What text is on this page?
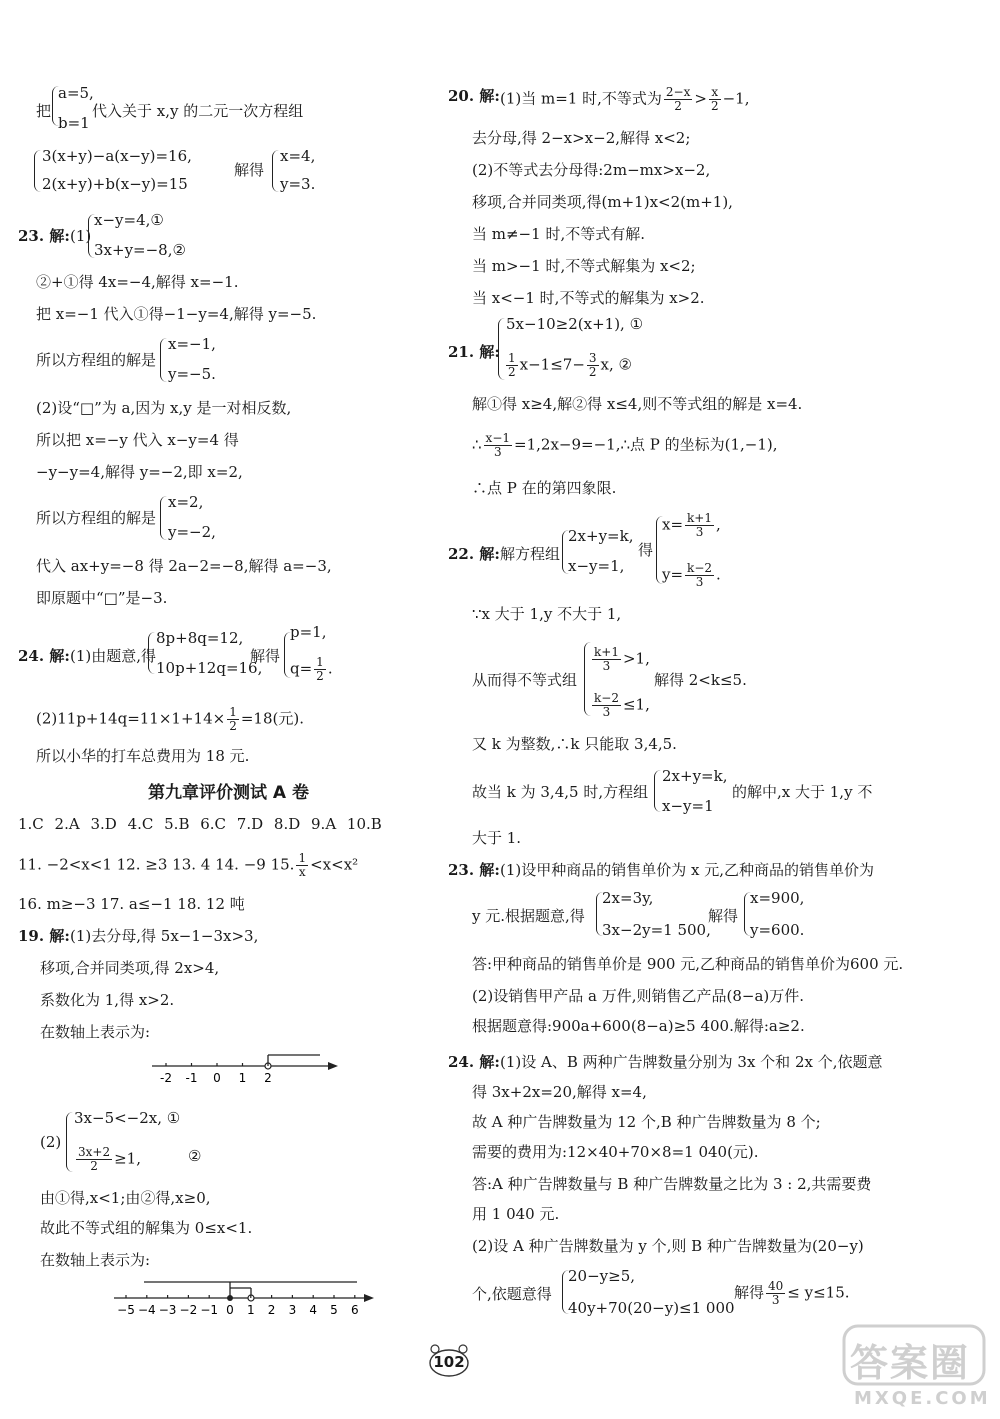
a=5,
把	代入关于 x,y 的二元一次方程组
b=1
3(x+y)−a(x−y)=16,
2(x+y)+b(x−y)=15
解得
x=4,
y=3.
23. 解: (1)
x−y=4,①
3x+y=−8,②
②+①得 4x=−4,解得 x=−1.
把 x=−1 代入①得−1−y=4,解得 y=−5.
所以方程组的解是
x=−1,
y=−5.
(2)设“□”为 a,因为 x,y 是一对相反数,
所以把 x=−y 代入 x−y=4 得
−y−y=4,解得 y=−2,即 x=2,
所以方程组的解是
x=2,
y=−2,
代入 ax+y=−8 得 2a−2=−8,解得 a=−3,
即原题中“□”是−3.
24. 解: (1)由题意,得
8p+8q=12,
10p+12q=16,
解得
p=1,
$q= \frac{1}{2}$ .
$(2)11p+14q=11\times 1+14\times \frac{1}{2} =18$(元).
所以小华的打车总费用为 18 元.
第九章评价测试 A 卷
1.C 2.A 3.D 4.C 5.B 6.C 7.D 8.D 9.A 10.B
11. −2<x<1 12. ≥3 13. 4 14. −9 15. $\frac{1}{x} <x<x^2$
16. m≥−3 17. a≤−1 18. 12 吨
19. 解: (1)去分母,得 5x−1−3x>3,
移项,合并同类项,得 2x>4,
系数化为 1,得 x>2.
在数轴上表示为:
-2 -1 0 1 2
(2)
3x−5<−2x, ①
$\frac{3x+2}{2} \ge 1$,	②
由①得,x<1;由②得,x≥0,
故此不等式组的解集为 0≤x<1.
在数轴上表示为:
−5 −4 −3 −2 −1 0 1 2 3 4 5 6
20. 解: (1)当 m=1 时,不等式为 $\frac{2-x}{2} > \frac{x}{2} -1$,
去分母,得 2−x>x−2,解得 x<2;
(2)不等式去分母得:2m−mx>x−2,
移项,合并同类项,得(m+1)x<2(m+1),
当 m≠−1 时,不等式有解.
当 m>−1 时,不等式解集为 x<2;
当 x<−1 时,不等式的解集为 x>2.
21. 解:
5x−10≥2(x+1), ①
$\frac{1}{2} x-1\le 7- \frac{3}{2} x$, ②
解①得 x≥4,解②得 x≤4,则不等式组的解是 x=4.
∴ $\frac{x-1}{3}$ =1,2x−9=−1,∴点 P 的坐标为(1,−1),
∴点 P 在的第四象限.
22. 解: 解方程组
2x+y=k,
x−y=1,
得
$x= \frac{k+1}{3}$ ,
$y= \frac{k-2}{3}$ .
∵x 大于 1,y 不大于 1,
从而得不等式组
$\frac{k+1}{3} >1$,
$\frac{k-2}{3} \le 1$,
解得 2<k≤5.
又 k 为整数,∴k 只能取 3,4,5.
故当 k 为 3,4,5 时,方程组
2x+y=k,
x−y=1
的解中,x 大于 1,y 不
大于 1.
23. 解: (1)设甲种商品的销售单价为 x 元,乙种商品的销售单价为
y 元.根据题意,得
2x=3y,
3x−2y=1 500,
解得
x=900,
y=600.
答:甲种商品的销售单价是 900 元,乙种商品的销售单价为600 元.
(2)设销售甲产品 a 万件,则销售乙产品(8−a)万件.
根据题意得:900a+600(8−a)≥5 400.解得:a≥2.
24. 解: (1)设 A、B 两种广告牌数量分别为 3x 个和 2x 个,依题意
得 3x+2x=20,解得 x=4,
故 A 种广告牌数量为 12 个,B 种广告牌数量为 8 个;
需要的费用为:12×40+70×8=1 040(元).
答:A 种广告牌数量与 B 种广告牌数量之比为 3 : 2,共需要费
用 1 040 元.
(2)设 A 种广告牌数量为 y 个,则 B 种广告牌数量为(20−y)
个,依题意得
20−y≥5,
40y+70(20−y)≤1 000
解得 $\frac{40}{3} \le y\le 15$.
102	答案圈
MXQE.COM
